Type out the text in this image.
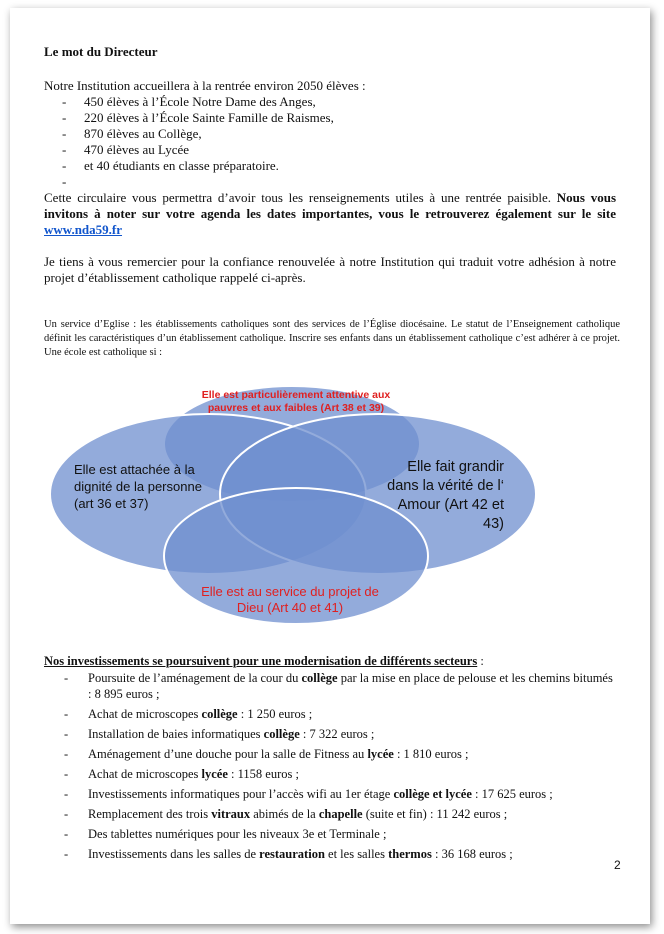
Le mot du Directeur
Notre Institution accueillera à la rentrée environ 2050 élèves :
- 450 élèves à l’École Notre Dame des Anges,
- 220 élèves à l’École Sainte Famille de Raismes,
- 870 élèves au Collège,
- 470 élèves au Lycée
- et 40 étudiants en classe préparatoire.
-
Cette circulaire vous permettra d’avoir tous les renseignements utiles à une rentrée paisible. Nous vous invitons à noter sur votre agenda les dates importantes, vous le retrouverez également sur le site www.nda59.fr
Je tiens à vous remercier pour la confiance renouvelée à notre Institution qui traduit votre adhésion à notre projet d’établissement catholique rappelé ci-après.
Un service d’Eglise : les établissements catholiques sont des services de l’Église diocésaine. Le statut de l’Enseignement catholique définit les caractéristiques d’un établissement catholique. Inscrire ses enfants dans un établissement catholique c’est adhérer à ce projet. Une école est catholique si :
Elle est particulièrement attentive aux pauvres et aux faibles (Art 38 et 39)
Elle est attachée à la dignité de la personne (art 36 et 37)
Elle fait grandir dans la vérité de l‘ Amour (Art 42 et 43)
Elle est au service du projet de Dieu (Art 40 et 41)
Nos investissements se poursuivent pour une modernisation de différents secteurs :
- Poursuite de l’aménagement de la cour du collège par la mise en place de pelouse et les chemins bitumés : 8 895 euros ;
- Achat de microscopes collège : 1 250 euros ;
- Installation de baies informatiques collège : 7 322 euros ;
- Aménagement d’une douche pour la salle de Fitness au lycée : 1 810 euros ;
- Achat de microscopes lycée : 1158 euros ;
- Investissements informatiques pour l’accès wifi au 1er étage collège et lycée : 17 625 euros ;
- Remplacement des trois vitraux abimés de la chapelle (suite et fin) : 11 242 euros ;
- Des tablettes numériques pour les niveaux 3e et Terminale ;
- Investissements dans les salles de restauration et les salles thermos : 36 168 euros ;
2
